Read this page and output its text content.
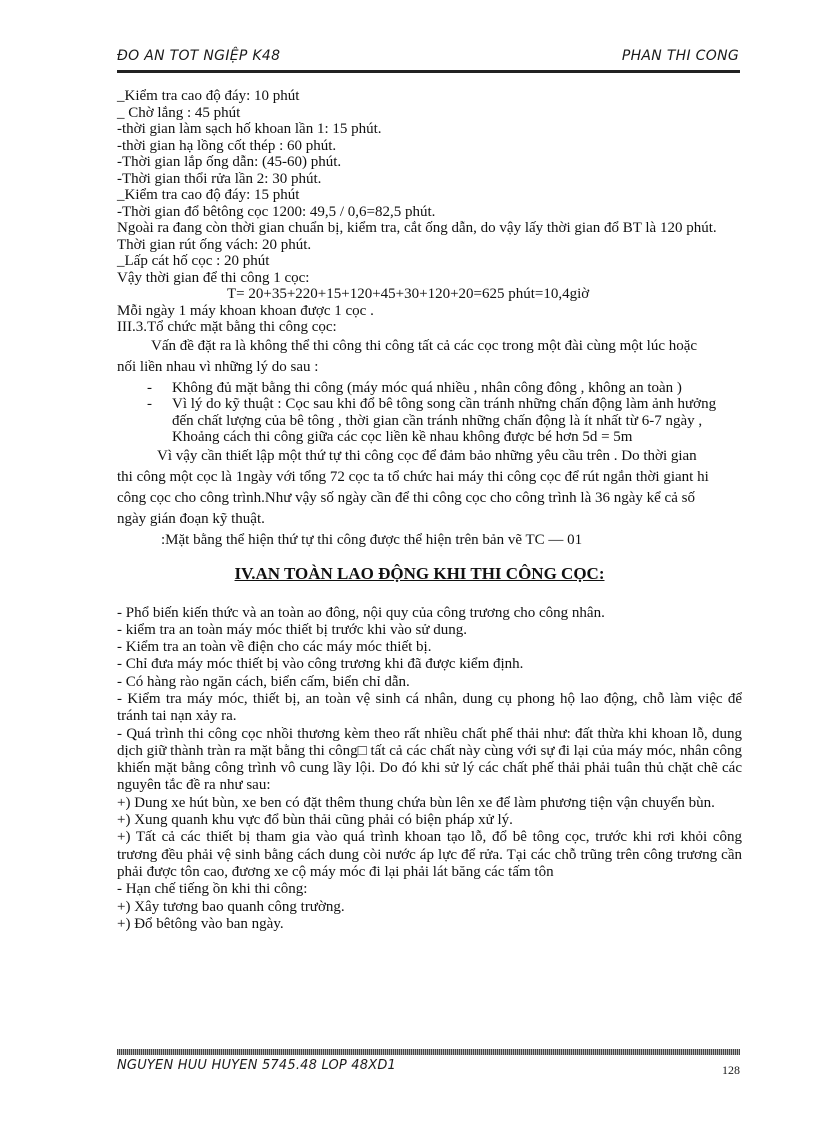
ĐO AN TOT NGIỆP K48	PHAN THI CONG

_Kiểm tra cao độ đáy: 10 phút

_ Chờ lắng : 45 phút

-thời gian làm sạch hố khoan lần 1: 15 phút.

-thời gian hạ lồng cốt thép : 60 phút.

-Thời gian lắp ống dẫn: (45-60) phút.

-Thời gian thổi rửa lần 2: 30 phút.

_Kiểm tra cao độ đáy: 15 phút

-Thời gian đổ bêtông cọc 1200: 49,5 / 0,6=82,5 phút.

Ngoài ra đang còn thời gian chuẩn bị, kiểm tra, cắt ống dẫn, do vậy lấy thời gian đổ BT là 120 phút.

Thời gian rút ống vách: 20 phút.

_Lấp cát hố cọc : 20 phút

Vậy thời gian để thi công 1 cọc:

T= 20+35+220+15+120+45+30+120+20=625 phút=10,4giờ

Mỗi ngày 1 máy khoan khoan được 1 cọc .

III.3.Tổ chức mặt bằng thi công cọc:

Vấn đề đặt ra là không thể thi công thi công tất cả các cọc trong một đài cùng một lúc hoặc nối liền nhau vì những lý do sau :

- Không đủ mặt bằng thi công (máy móc quá nhiều , nhân công đông , không an toàn )
- Vì lý do kỹ thuật : Cọc sau khi đổ bê tông song cần tránh những chấn động làm ảnh hưởng đến chất lượng của bê tông , thời gian cần tránh những chấn động là ít nhất từ 6-7 ngày , Khoảng cách thi công giữa các cọc liền kề nhau không được bé hơn 5d = 5m

Vì vậy cần thiết lập một thứ tự thi công cọc để đảm bảo những yêu cầu trên . Do thời gian thi công một cọc là 1ngày với tổng 72 cọc ta tổ chức hai máy thi công cọc để rút ngắn thời giant hi công cọc cho công trình.Như vậy số ngày cần để thi công cọc cho công trình là 36 ngày kể cả số ngày gián đoạn kỹ thuật.

:Mặt bằng thể hiện thứ tự thi công được thể hiện trên bản vẽ TC — 01

IV.AN TOÀN LAO ĐỘNG KHI THI CÔNG CỌC:

- Phổ biến kiến thức và an toàn ao đông, nội quy của công trương cho công nhân.

- kiểm tra an toàn máy móc thiết bị trước khi vào sử dung.

- Kiểm tra an toàn về điện cho các máy móc thiết bị.

- Chỉ đưa máy móc thiết bị vào công trương khi đã được kiểm định.

- Có hàng rào ngăn cách, biển cấm, biển chỉ dẫn.

- Kiểm tra máy móc, thiết bị, an toàn vệ sinh cá nhân, dung cụ phong hộ lao động, chỗ làm việc để tránh tai nạn xảy ra.

- Quá trình thi công cọc nhồi thương kèm theo rất nhiều chất phế thải như: đất thừa khi khoan lỗ, dung dịch giữ thành tràn ra mặt bằng thi công□ tất cả các chất này cùng với sự đi lại của máy móc, nhân công khiến mặt bằng công trình vô cung lầy lội. Do đó khi sử lý các chất phế thải phải tuân thủ chặt chẽ các nguyên tắc đề ra như sau:

+) Dung xe hút bùn, xe ben có đặt thêm thung chứa bùn lên xe để làm phương tiện vận chuyển bùn.

+) Xung quanh khu vực đổ bùn thải cũng phải có biện pháp xử lý.

+) Tất cả các thiết bị tham gia vào quá trình khoan tạo lỗ, đổ bê tông cọc, trước khi rơi khỏi công trương đều phải vệ sinh bằng cách dung còi nước áp lực để rửa. Tại các chỗ trũng trên công trương cần phải được tôn cao, đương xe cộ máy móc đi lại phải lát băng các tấm tôn

- Hạn chế tiếng ồn khi thi công:

+) Xây tương bao quanh công trường.

+) Đổ bêtông vào ban ngày.

NGUYEN HUU HUYEN 5745.48 LOP 48XD1	128
